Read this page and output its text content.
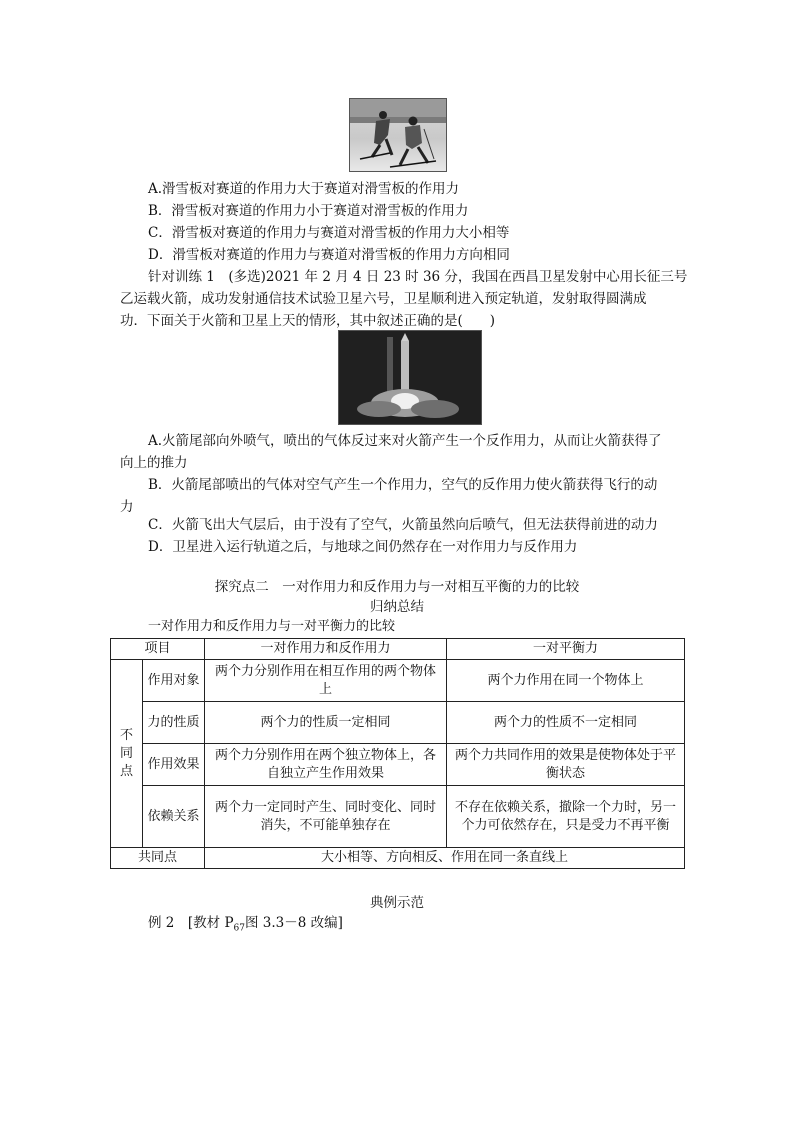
A.滑雪板对赛道的作用力大于赛道对滑雪板的作用力
B．滑雪板对赛道的作用力小于赛道对滑雪板的作用力
C．滑雪板对赛道的作用力与赛道对滑雪板的作用力大小相等
D．滑雪板对赛道的作用力与赛道对滑雪板的作用力方向相同
针对训练 1　(多选)2021 年 2 月 4 日 23 时 36 分，我国在西昌卫星发射中心用长征三号
乙运载火箭，成功发射通信技术试验卫星六号，卫星顺利进入预定轨道，发射取得圆满成
功．下面关于火箭和卫星上天的情形，其中叙述正确的是(　　)
A.火箭尾部向外喷气，喷出的气体反过来对火箭产生一个反作用力，从而让火箭获得了
向上的推力
B．火箭尾部喷出的气体对空气产生一个作用力，空气的反作用力使火箭获得飞行的动
力
C．火箭飞出大气层后，由于没有了空气，火箭虽然向后喷气，但无法获得前进的动力
D．卫星进入运行轨道之后，与地球之间仍然存在一对作用力与反作用力
探究点二　一对作用力和反作用力与一对相互平衡的力的比较
归纳总结
一对作用力和反作用力与一对平衡力的比较
项目		一对作用力和反作用力	一对平衡力
不同点	作用对象	两个力分别作用在相互作用的两个物体上	两个力作用在同一个物体上
	力的性质	两个力的性质一定相同	两个力的性质不一定相同
	作用效果	两个力分别作用在两个独立物体上，各自独立产生作用效果	两个力共同作用的效果是使物体处于平衡状态
	依赖关系	两个力一定同时产生、同时变化、同时消失，不可能单独存在	不存在依赖关系，撤除一个力时，另一个力可依然存在，只是受力不再平衡
共同点		大小相等、方向相反、作用在同一条直线上	
典例示范
例 2　[教材 $P_{67}$图 3.3－8 改编]
